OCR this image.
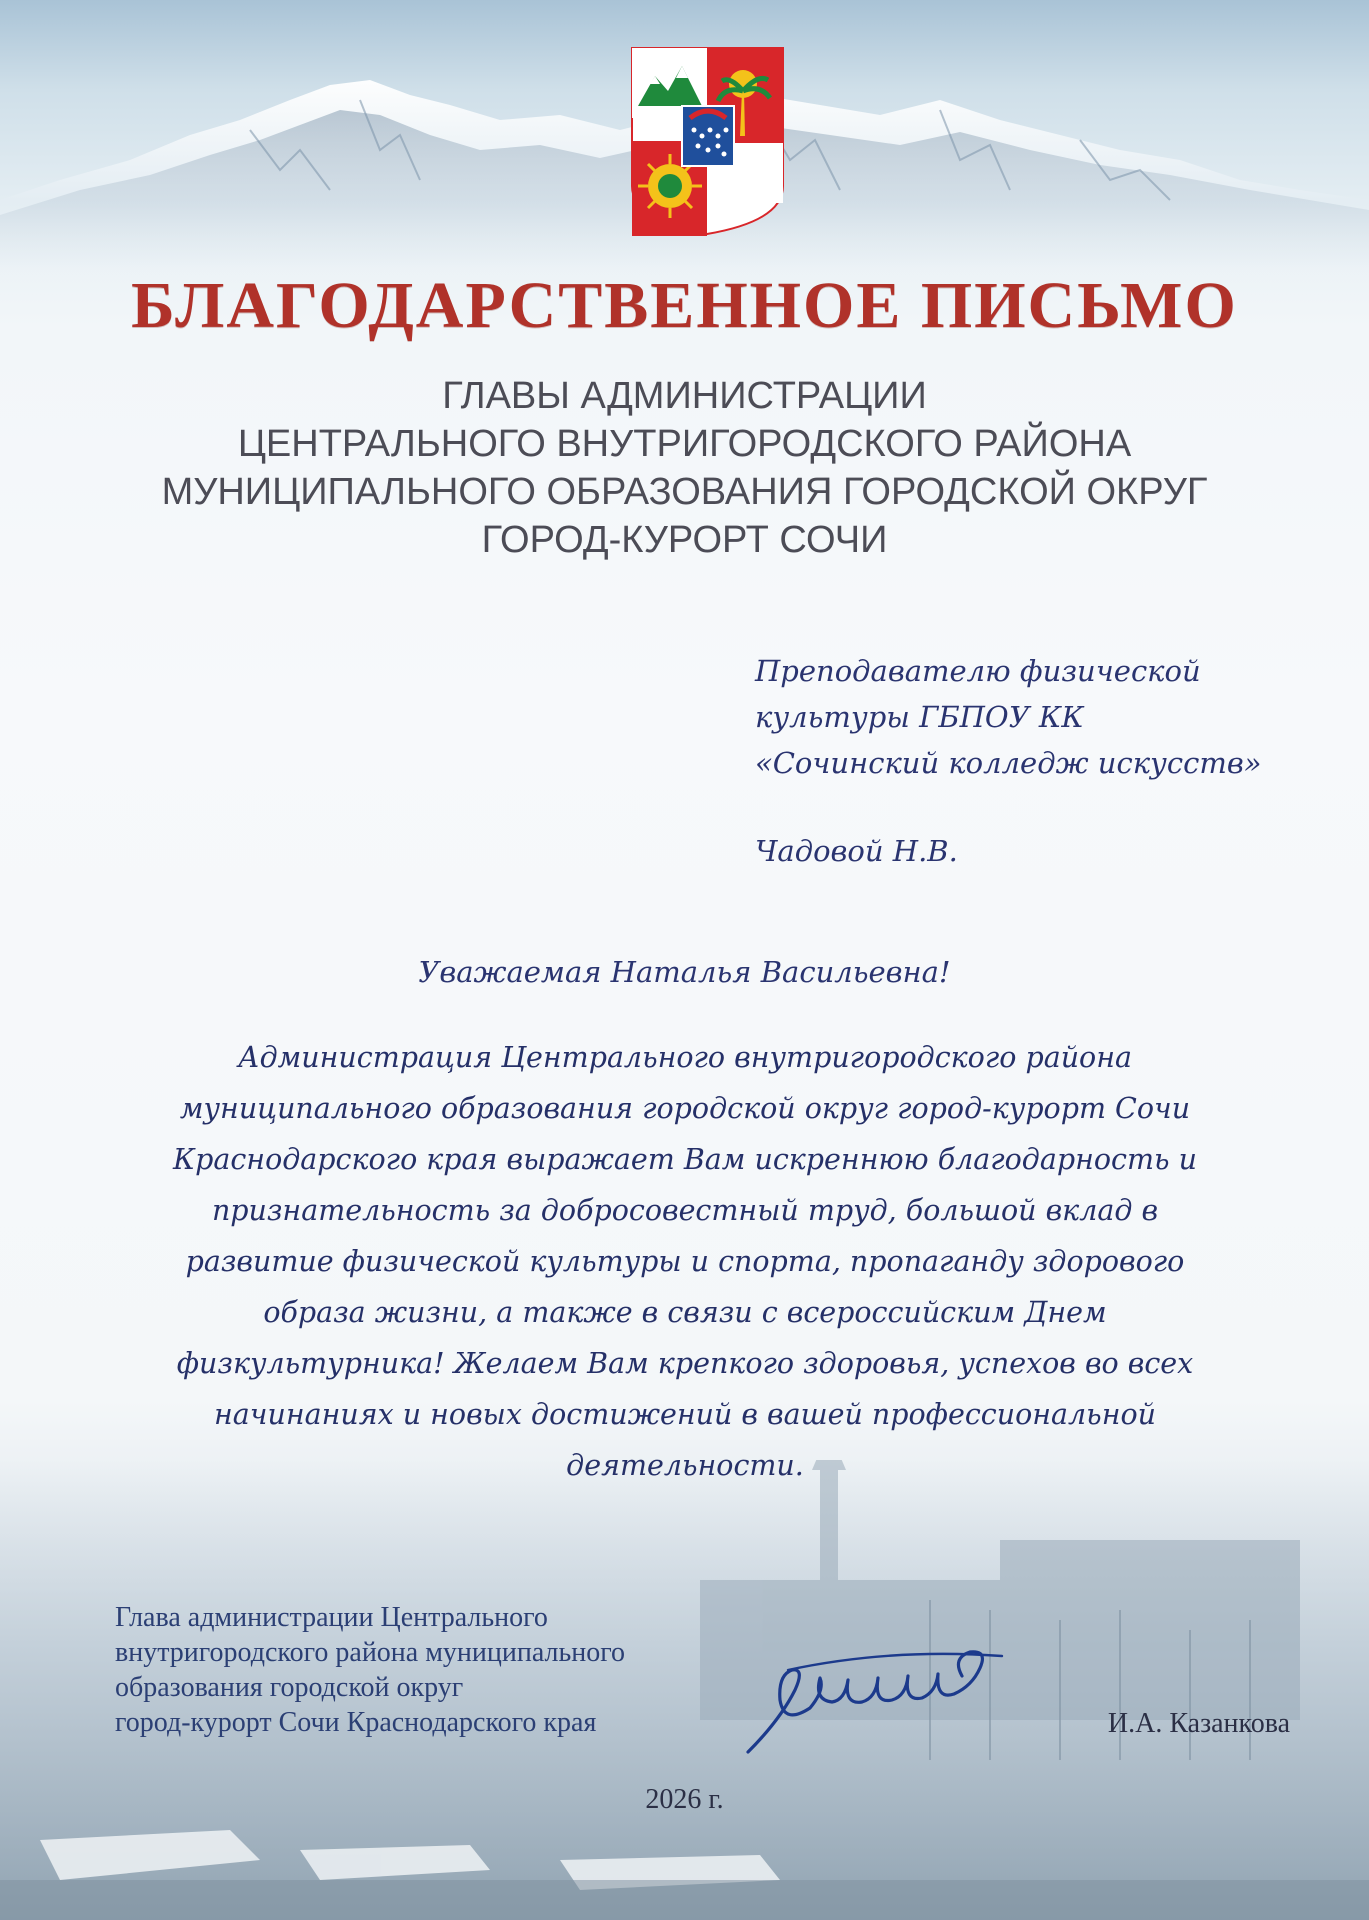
БЛАГОДАРСТВЕННОЕ ПИСЬМО
ГЛАВЫ АДМИНИСТРАЦИИ
ЦЕНТРАЛЬНОГО ВНУТРИГОРОДСКОГО РАЙОНА
МУНИЦИПАЛЬНОГО ОБРАЗОВАНИЯ ГОРОДСКОЙ ОКРУГ
ГОРОД-КУРОРТ СОЧИ
Преподавателю физической
культуры ГБПОУ КК
«Сочинский колледж искусств»
Чадовой Н.В.
Уважаемая Наталья Васильевна!
Администрация Центрального внутригородского района
муниципального образования городской округ город-курорт Сочи
Краснодарского края выражает Вам искреннюю благодарность и
признательность за добросовестный труд, большой вклад в
развитие физической культуры и спорта, пропаганду здорового
образа жизни, а также в связи с всероссийским Днем
физкультурника! Желаем Вам крепкого здоровья, успехов во всех
начинаниях и новых достижений в вашей профессиональной
деятельности.
Глава администрации Центрального
внутригородского района муниципального
образования городской округ
город-курорт Сочи Краснодарского края	И.А. Казанкова
2026 г.
